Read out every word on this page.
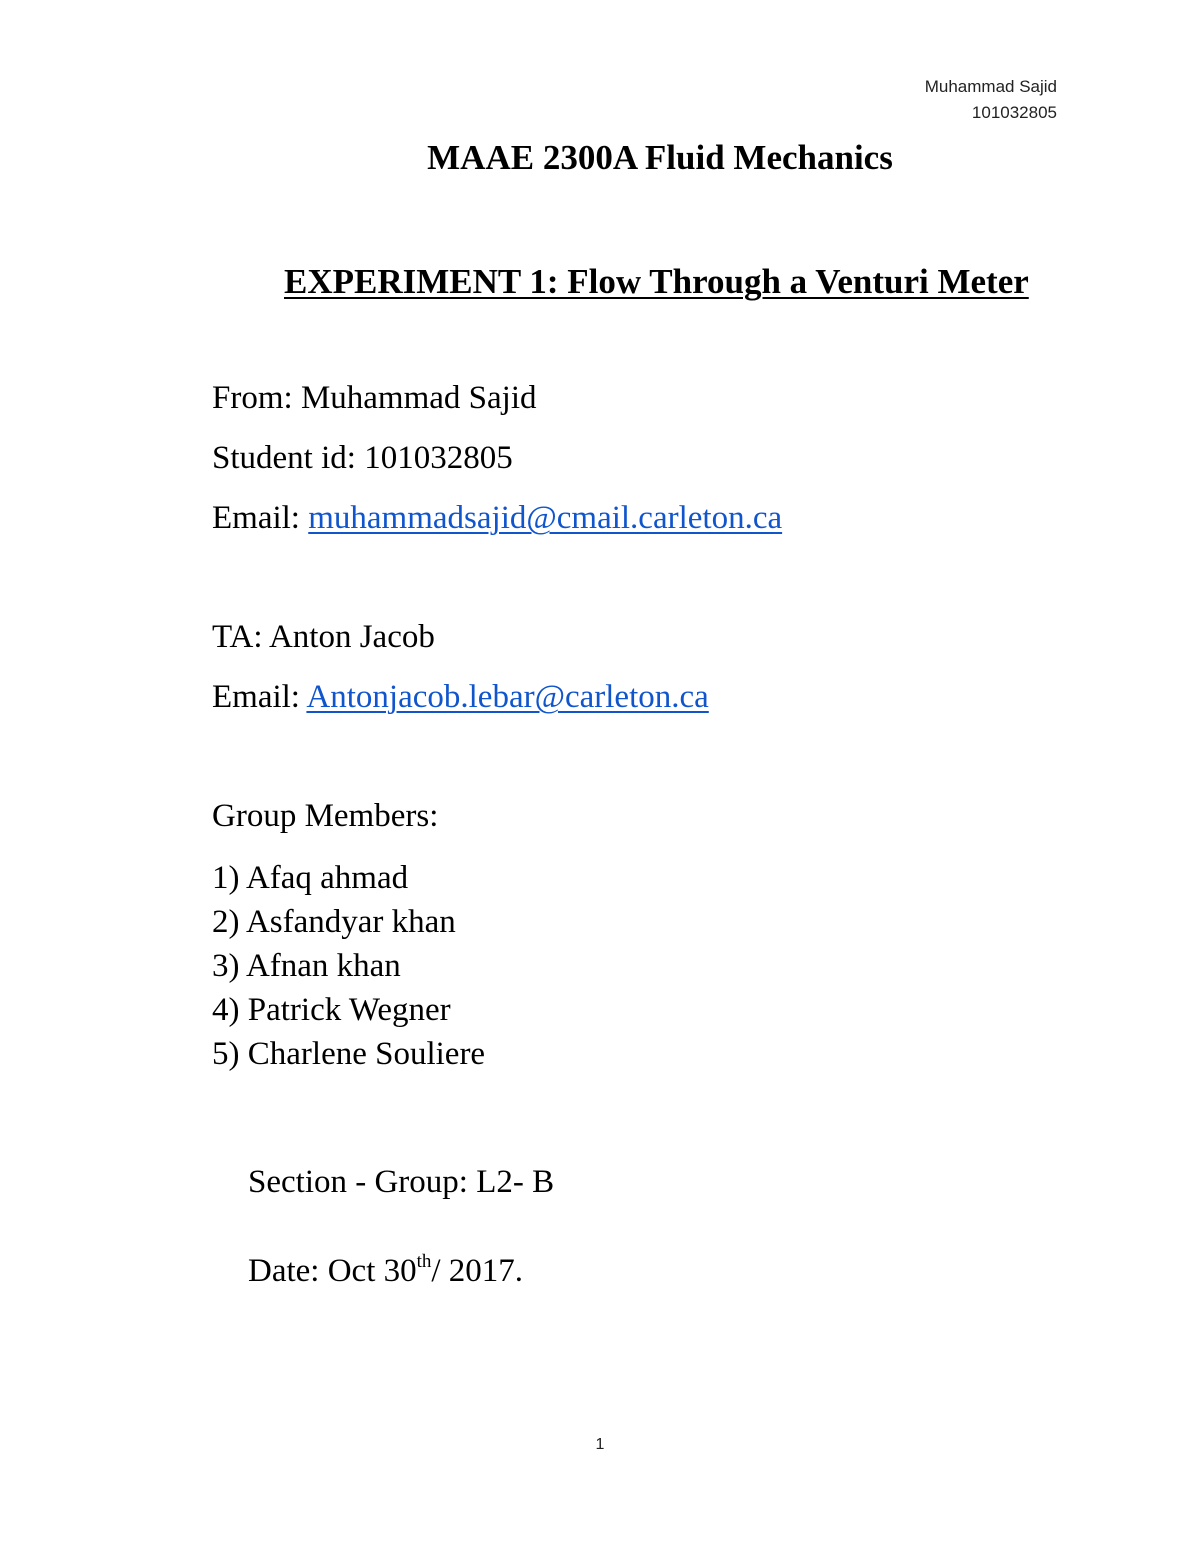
Muhammad Sajid
101032805
MAAE 2300A Fluid Mechanics
EXPERIMENT 1: Flow Through a Venturi Meter

From: Muhammad Sajid

Student id: 101032805

Email: muhammadsajid@cmail.carleton.ca

TA: Anton Jacob

Email: Antonjacob.lebar@carleton.ca

Group Members:

1) Afaq ahmad
2) Asfandyar khan
3) Afnan khan
4) Patrick Wegner
5) Charlene Souliere

Section - Group: L2- B

Date: Oct 30th/ 2017.

1
